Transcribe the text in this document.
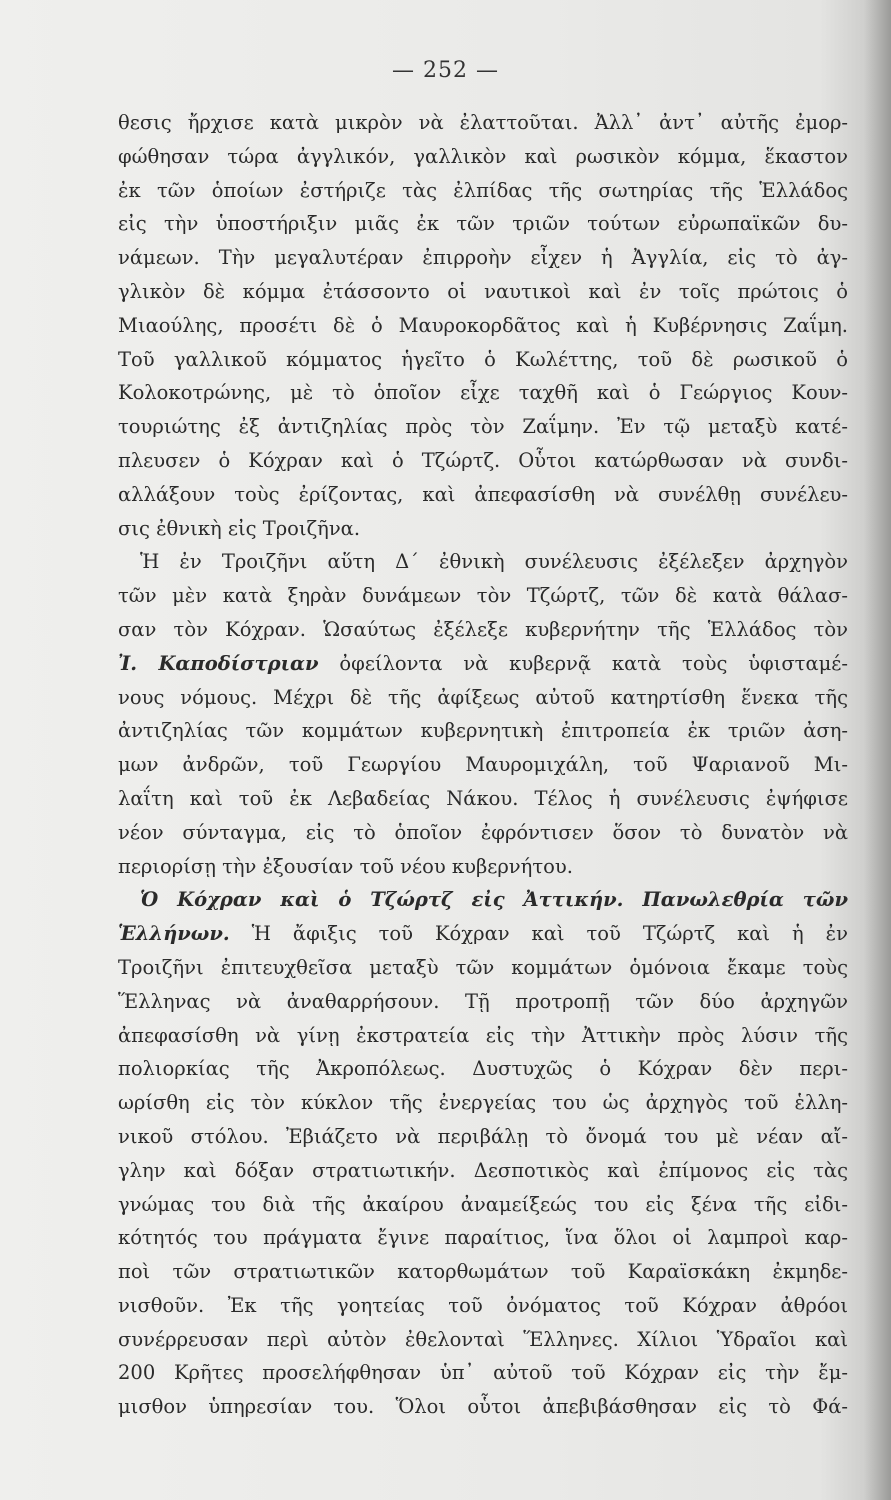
— 252 —
θεσις ἤρχισε κατὰ μικρὸν νὰ ἐλαττοῦται. Ἀλλ᾽ ἀντ᾽ αὐτῆς ἐμορ-
φώθησαν τώρα ἀγγλικόν, γαλλικὸν καὶ ρωσικὸν κόμμα, ἕκαστον
ἐκ τῶν ὁποίων ἐστήριζε τὰς ἐλπίδας τῆς σωτηρίας τῆς Ἑλλάδος
εἰς τὴν ὑποστήριξιν μιᾶς ἐκ τῶν τριῶν τούτων εὐρωπαϊκῶν δυ-
νάμεων. Τὴν μεγαλυτέραν ἐπιρροὴν εἶχεν ἡ Ἀγγλία, εἰς τὸ ἀγ-
γλικὸν δὲ κόμμα ἐτάσσοντο οἱ ναυτικοὶ καὶ ἐν τοῖς πρώτοις ὁ
Μιαούλης, προσέτι δὲ ὁ Μαυροκορδᾶτος καὶ ἡ Κυβέρνησις Ζαΐμη.
Τοῦ γαλλικοῦ κόμματος ἡγεῖτο ὁ Κωλέττης, τοῦ δὲ ρωσικοῦ ὁ
Κολοκοτρώνης, μὲ τὸ ὁποῖον εἶχε ταχθῆ καὶ ὁ Γεώργιος Κουν-
τουριώτης ἐξ ἀντιζηλίας πρὸς τὸν Ζαΐμην. Ἐν τῷ μεταξὺ κατέ-
πλευσεν ὁ Κόχραν καὶ ὁ Τζώρτζ. Οὗτοι κατώρθωσαν νὰ συνδι-
αλλάξουν τοὺς ἐρίζοντας, καὶ ἀπεφασίσθη νὰ συνέλθῃ συνέλευ-
σις ἐθνικὴ εἰς Τροιζῆνα.
Ἡ ἐν Τροιζῆνι αὕτη Δ´ ἐθνικὴ συνέλευσις ἐξέλεξεν ἀρχηγὸν
τῶν μὲν κατὰ ξηρὰν δυνάμεων τὸν Τζώρτζ, τῶν δὲ κατὰ θάλασ-
σαν τὸν Κόχραν. Ὡσαύτως ἐξέλεξε κυβερνήτην τῆς Ἑλλάδος τὸν
Ἰ. Καποδίστριαν ὀφείλοντα νὰ κυβερνᾷ κατὰ τοὺς ὑφισταμέ-
νους νόμους. Μέχρι δὲ τῆς ἀφίξεως αὐτοῦ κατηρτίσθη ἕνεκα τῆς
ἀντιζηλίας τῶν κομμάτων κυβερνητικὴ ἐπιτροπεία ἐκ τριῶν ἀση-
μων ἀνδρῶν, τοῦ Γεωργίου Μαυρομιχάλη, τοῦ Ψαριανοῦ Μι-
λαΐτη καὶ τοῦ ἐκ Λεβαδείας Νάκου. Τέλος ἡ συνέλευσις ἐψήφισε
νέον σύνταγμα, εἰς τὸ ὁποῖον ἐφρόντισεν ὅσον τὸ δυνατὸν νὰ
περιορίσῃ τὴν ἐξουσίαν τοῦ νέου κυβερνήτου.
Ὁ Κόχραν καὶ ὁ Τζώρτζ εἰς Ἀττικήν. Πανωλεθρία τῶν
Ἑλλήνων. Ἡ ἄφιξις τοῦ Κόχραν καὶ τοῦ Τζώρτζ καὶ ἡ ἐν
Τροιζῆνι ἐπιτευχθεῖσα μεταξὺ τῶν κομμάτων ὁμόνοια ἔκαμε τοὺς
Ἕλληνας νὰ ἀναθαρρήσουν. Τῇ προτροπῇ τῶν δύο ἀρχηγῶν
ἀπεφασίσθη νὰ γίνῃ ἐκστρατεία εἰς τὴν Ἀττικὴν πρὸς λύσιν τῆς
πολιορκίας τῆς Ἀκροπόλεως. Δυστυχῶς ὁ Κόχραν δὲν περι-
ωρίσθη εἰς τὸν κύκλον τῆς ἐνεργείας του ὡς ἀρχηγὸς τοῦ ἑλλη-
νικοῦ στόλου. Ἐβιάζετο νὰ περιβάλῃ τὸ ὄνομά του μὲ νέαν αἴ-
γλην καὶ δόξαν στρατιωτικήν. Δεσποτικὸς καὶ ἐπίμονος εἰς τὰς
γνώμας του διὰ τῆς ἀκαίρου ἀναμείξεώς του εἰς ξένα τῆς εἰδι-
κότητός του πράγματα ἔγινε παραίτιος, ἵνα ὅλοι οἱ λαμπροὶ καρ-
ποὶ τῶν στρατιωτικῶν κατορθωμάτων τοῦ Καραϊσκάκη ἐκμηδε-
νισθοῦν. Ἐκ τῆς γοητείας τοῦ ὀνόματος τοῦ Κόχραν ἀθρόοι
συνέρρευσαν περὶ αὐτὸν ἐθελονταὶ Ἕλληνες. Χίλιοι Ὑδραῖοι καὶ
200 Κρῆτες προσελήφθησαν ὑπ᾽ αὐτοῦ τοῦ Κόχραν εἰς τὴν ἔμ-
μισθον ὑπηρεσίαν του. Ὅλοι οὗτοι ἀπεβιβάσθησαν εἰς τὸ Φά-
